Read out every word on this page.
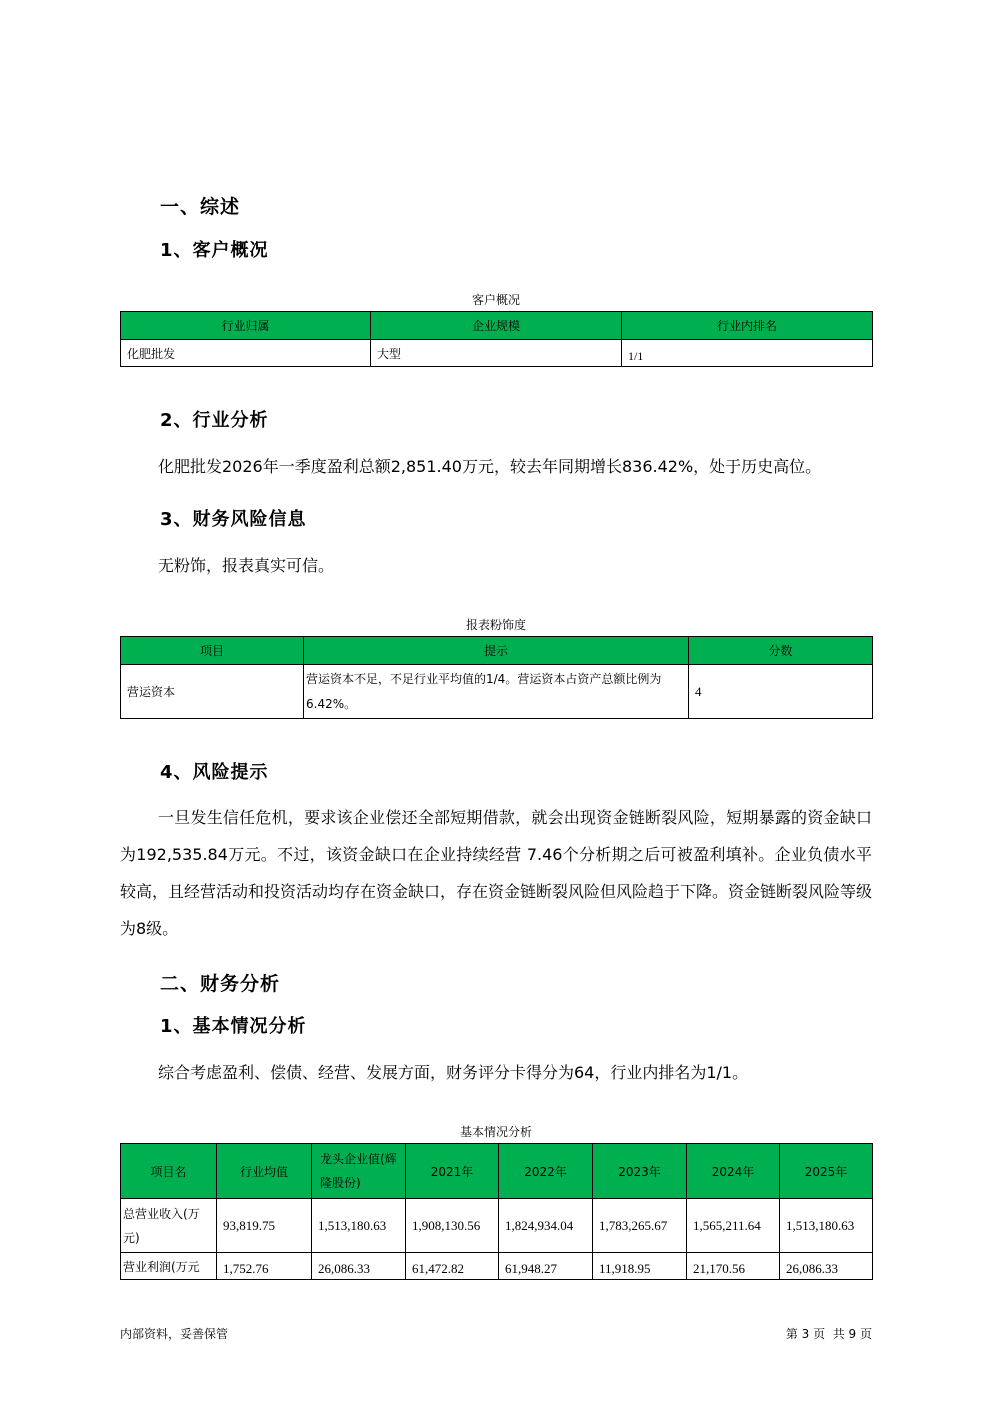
一、综述
1、客户概况
客户概况
行业归属	企业规模	行业内排名
化肥批发	大型	1/1
2、行业分析
化肥批发2026年一季度盈利总额2,851.40万元，较去年同期增长836.42%，处于历史高位。
3、财务风险信息
无粉饰，报表真实可信。
报表粉饰度
项目	提示	分数
营运资本	营运资本不足，不足行业平均值的1/4。营运资本占资产总额比例为6.42%。	4
4、风险提示
一旦发生信任危机，要求该企业偿还全部短期借款，就会出现资金链断裂风险，短期暴露的资金缺口为192,535.84万元。不过，该资金缺口在企业持续经营 7.46个分析期之后可被盈利填补。企业负债水平较高，且经营活动和投资活动均存在资金缺口，存在资金链断裂风险但风险趋于下降。资金链断裂风险等级为8级。
二、财务分析
1、基本情况分析
综合考虑盈利、偿债、经营、发展方面，财务评分卡得分为64，行业内排名为1/1。
基本情况分析
项目名	行业均值	龙头企业值(辉隆股份)	2021年	2022年	2023年	2024年	2025年
总营业收入(万元)	93,819.75	1,513,180.63	1,908,130.56	1,824,934.04	1,783,265.67	1,565,211.64	1,513,180.63
营业利润(万元	1,752.76	26,086.33	61,472.82	61,948.27	11,918.95	21,170.56	26,086.33
内部资料，妥善保管	第 3 页  共 9 页
